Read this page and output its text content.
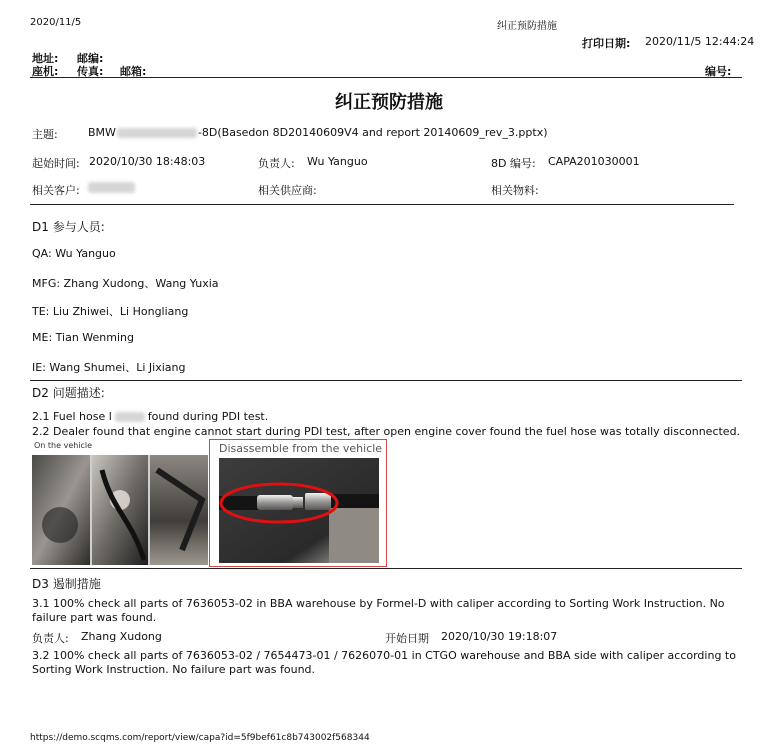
2020/11/5	纠正预防措施
打印日期: 2020/11/5 12:44:24
地址: 邮编:
座机: 传真: 邮箱:	编号:
纠正预防措施
主题:	BMW	-8D(Basedon 8D20140609V4 and report 20140609_rev_3.pptx)
起始时间: 2020/10/30 18:48:03	负责人: Wu Yanguo	8D 编号: CAPA201030001
相关客户:	相关供应商:	相关物料:
D1 参与人员:
QA: Wu Yanguo
MFG: Zhang Xudong、Wang Yuxia
TE: Liu Zhiwei、Li Hongliang
ME: Tian Wenming
IE: Wang Shumei、Li Jixiang
D2 问题描述:
2.1 Fuel hose l	found during PDI test.
2.2 Dealer found that engine cannot start during PDI test, after open engine cover found the fuel hose was totally disconnected.
On the vehicle	Disassemble from the vehicle
D3 遏制措施
3.1 100% check all parts of 7636053-02 in BBA warehouse by Formel-D with caliper according to Sorting Work Instruction. No failure part was found.
负责人: Zhang Xudong	开始日期 2020/10/30 19:18:07
3.2 100% check all parts of 7636053-02 / 7654473-01 / 7626070-01 in CTGO warehouse and BBA side with caliper according to Sorting Work Instruction. No failure part was found.
https://demo.scqms.com/report/view/capa?id=5f9bef61c8b743002f568344
